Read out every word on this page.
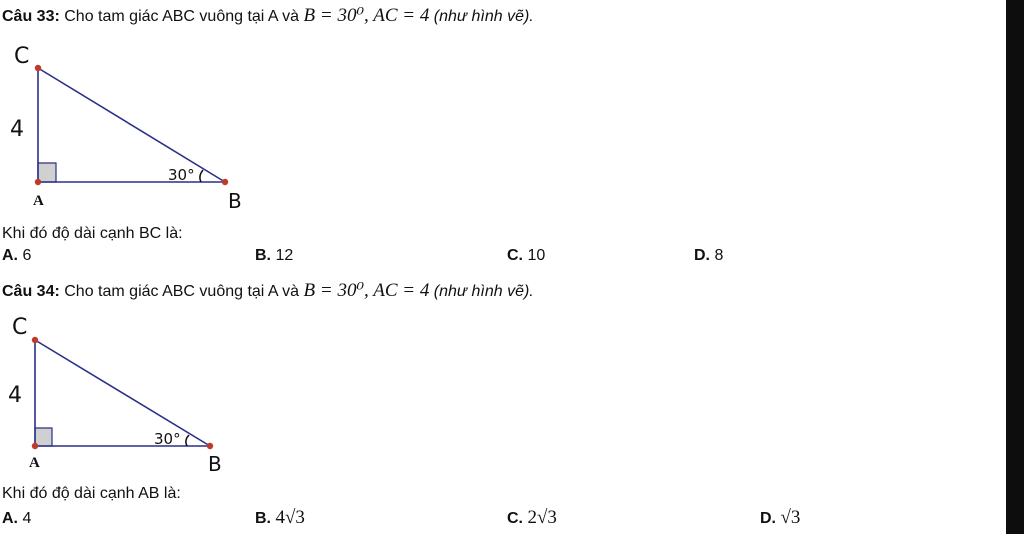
Câu 33: Cho tam giác ABC vuông tại A và B = 30⁰, AC = 4 (như hình vẽ).
C
4
A	B
30°
Khi đó độ dài cạnh BC là:
A. 6	B. 12	C. 10	D. 8
Câu 34: Cho tam giác ABC vuông tại A và B = 30⁰, AC = 4 (như hình vẽ).
C
4
A	B
30°
Khi đó độ dài cạnh AB là:
A. 4	B. 4√3	C. 2√3	D. √3
